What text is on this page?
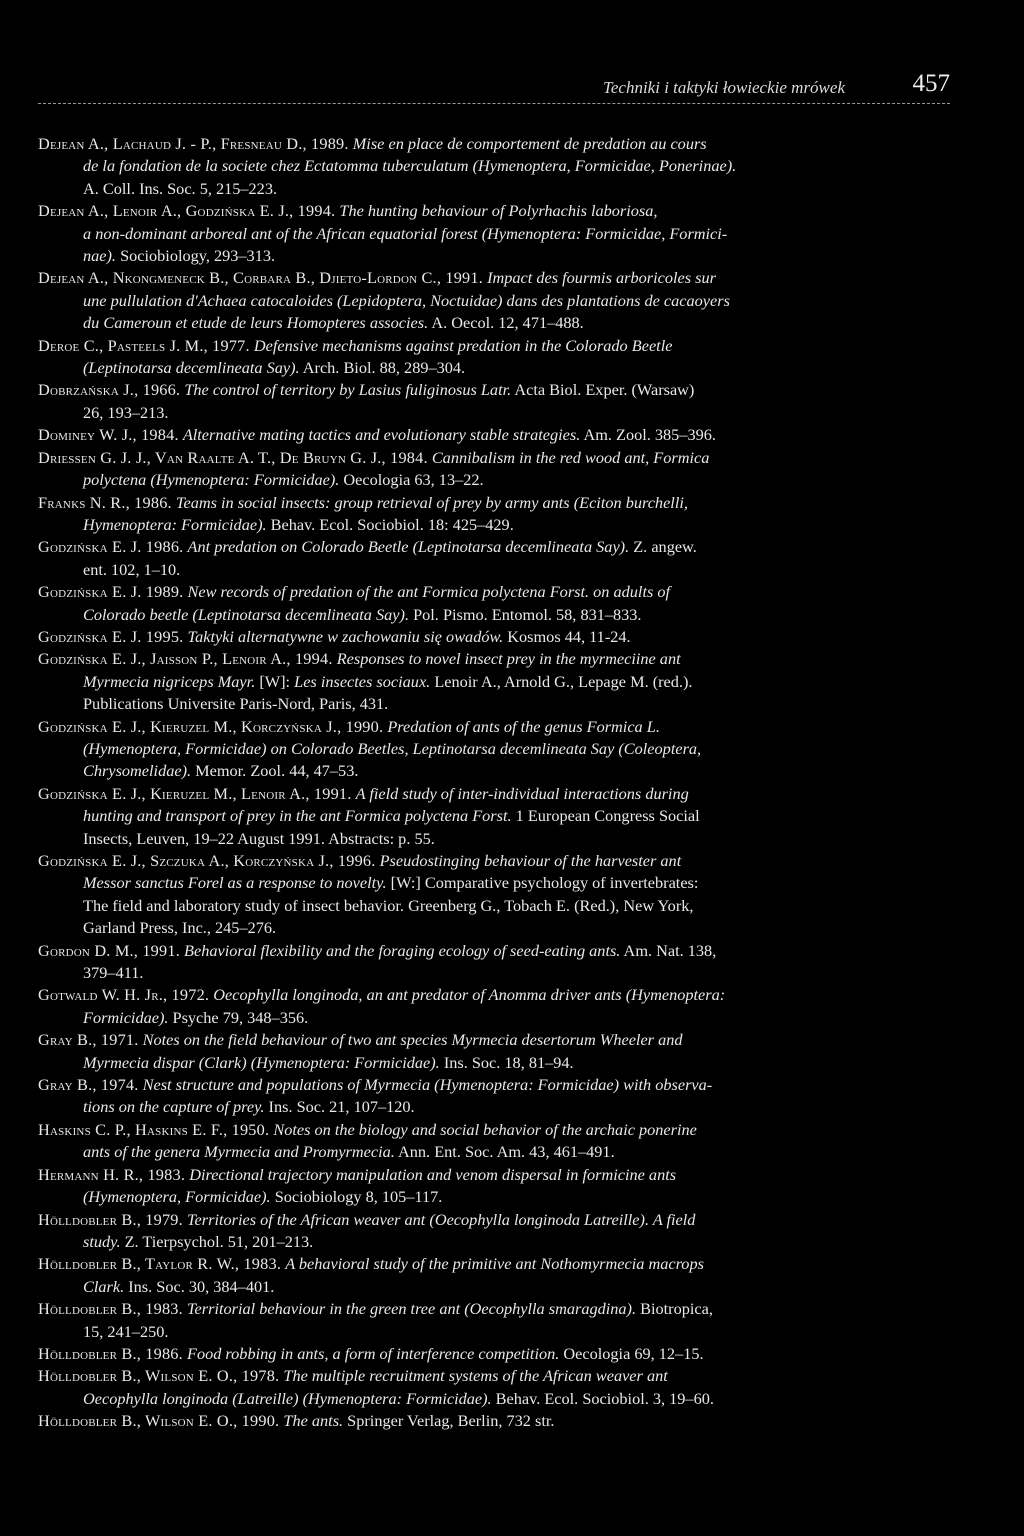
Techniki i taktyki łowieckie mrówek	457
Dejean A., Lachaud J. - P., Fresneau D., 1989. Mise en place de comportement de predation au cours
de la fondation de la societe chez Ectatomma tuberculatum (Hymenoptera, Formicidae, Ponerinae).
A. Coll. Ins. Soc. 5, 215–223.
Dejean A., Lenoir A., Godzińska E. J., 1994. The hunting behaviour of Polyrhachis laboriosa,
a non-dominant arboreal ant of the African equatorial forest (Hymenoptera: Formicidae, Formici-
nae). Sociobiology, 293–313.
Dejean A., Nkongmeneck B., Corbara B., Djieto-Lordon C., 1991. Impact des fourmis arboricoles sur
une pullulation d'Achaea catocaloides (Lepidoptera, Noctuidae) dans des plantations de cacaoyers
du Cameroun et etude de leurs Homopteres associes. A. Oecol. 12, 471–488.
Deroe C., Pasteels J. M., 1977. Defensive mechanisms against predation in the Colorado Beetle
(Leptinotarsa decemlineata Say). Arch. Biol. 88, 289–304.
Dobrzańska J., 1966. The control of territory by Lasius fuliginosus Latr. Acta Biol. Exper. (Warsaw)
26, 193–213.
Dominey W. J., 1984. Alternative mating tactics and evolutionary stable strategies. Am. Zool. 385–396.
Driessen G. J. J., Van Raalte A. T., De Bruyn G. J., 1984. Cannibalism in the red wood ant, Formica
polyctena (Hymenoptera: Formicidae). Oecologia 63, 13–22.
Franks N. R., 1986. Teams in social insects: group retrieval of prey by army ants (Eciton burchelli,
Hymenoptera: Formicidae). Behav. Ecol. Sociobiol. 18: 425–429.
Godzińska E. J. 1986. Ant predation on Colorado Beetle (Leptinotarsa decemlineata Say). Z. angew.
ent. 102, 1–10.
Godzińska E. J. 1989. New records of predation of the ant Formica polyctena Forst. on adults of
Colorado beetle (Leptinotarsa decemlineata Say). Pol. Pismo. Entomol. 58, 831–833.
Godzińska E. J. 1995. Taktyki alternatywne w zachowaniu się owadów. Kosmos 44, 11-24.
Godzińska E. J., Jaisson P., Lenoir A., 1994. Responses to novel insect prey in the myrmeciine ant
Myrmecia nigriceps Mayr. [W]: Les insectes sociaux. Lenoir A., Arnold G., Lepage M. (red.).
Publications Universite Paris-Nord, Paris, 431.
Godzińska E. J., Kieruzel M., Korczyńska J., 1990. Predation of ants of the genus Formica L.
(Hymenoptera, Formicidae) on Colorado Beetles, Leptinotarsa decemlineata Say (Coleoptera,
Chrysomelidae). Memor. Zool. 44, 47–53.
Godzińska E. J., Kieruzel M., Lenoir A., 1991. A field study of inter-individual interactions during
hunting and transport of prey in the ant Formica polyctena Forst. 1 European Congress Social
Insects, Leuven, 19–22 August 1991. Abstracts: p. 55.
Godzińska E. J., Szczuka A., Korczyńska J., 1996. Pseudostinging behaviour of the harvester ant
Messor sanctus Forel as a response to novelty. [W:] Comparative psychology of invertebrates:
The field and laboratory study of insect behavior. Greenberg G., Tobach E. (Red.), New York,
Garland Press, Inc., 245–276.
Gordon D. M., 1991. Behavioral flexibility and the foraging ecology of seed-eating ants. Am. Nat. 138,
379–411.
Gotwald W. H. Jr., 1972. Oecophylla longinoda, an ant predator of Anomma driver ants (Hymenoptera:
Formicidae). Psyche 79, 348–356.
Gray B., 1971. Notes on the field behaviour of two ant species Myrmecia desertorum Wheeler and
Myrmecia dispar (Clark) (Hymenoptera: Formicidae). Ins. Soc. 18, 81–94.
Gray B., 1974. Nest structure and populations of Myrmecia (Hymenoptera: Formicidae) with observa-
tions on the capture of prey. Ins. Soc. 21, 107–120.
Haskins C. P., Haskins E. F., 1950. Notes on the biology and social behavior of the archaic ponerine
ants of the genera Myrmecia and Promyrmecia. Ann. Ent. Soc. Am. 43, 461–491.
Hermann H. R., 1983. Directional trajectory manipulation and venom dispersal in formicine ants
(Hymenoptera, Formicidae). Sociobiology 8, 105–117.
Hölldobler B., 1979. Territories of the African weaver ant (Oecophylla longinoda Latreille). A field
study. Z. Tierpsychol. 51, 201–213.
Hölldobler B., Taylor R. W., 1983. A behavioral study of the primitive ant Nothomyrmecia macrops
Clark. Ins. Soc. 30, 384–401.
Hölldobler B., 1983. Territorial behaviour in the green tree ant (Oecophylla smaragdina). Biotropica,
15, 241–250.
Hölldobler B., 1986. Food robbing in ants, a form of interference competition. Oecologia 69, 12–15.
Hölldobler B., Wilson E. O., 1978. The multiple recruitment systems of the African weaver ant
Oecophylla longinoda (Latreille) (Hymenoptera: Formicidae). Behav. Ecol. Sociobiol. 3, 19–60.
Hölldobler B., Wilson E. O., 1990. The ants. Springer Verlag, Berlin, 732 str.
